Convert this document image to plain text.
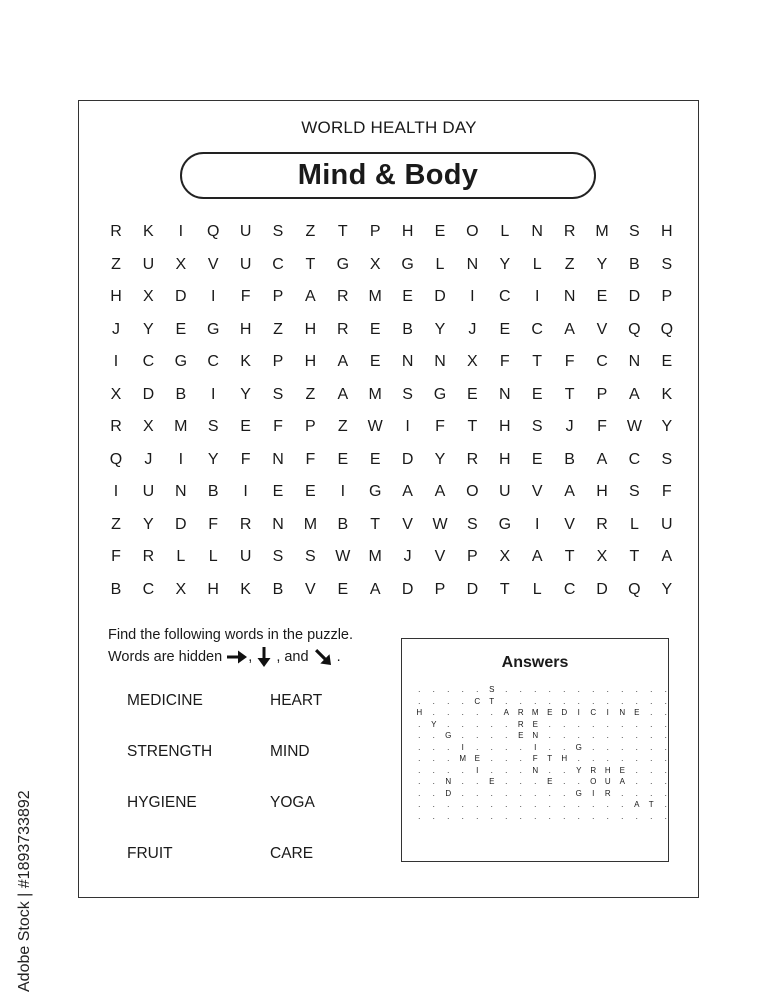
WORLD HEALTH DAY
Mind & Body
R	K	I	Q	U	S	Z	T	P	H	E	O	L	N	R	M	S	H
Z	U	X	V	U	C	T	G	X	G	L	N	Y	L	Z	Y	B	S
H	X	D	I	F	P	A	R	M	E	D	I	C	I	N	E	D	P
J	Y	E	G	H	Z	H	R	E	B	Y	J	E	C	A	V	Q	Q
I	C	G	C	K	P	H	A	E	N	N	X	F	T	F	C	N	E
X	D	B	I	Y	S	Z	A	M	S	G	E	N	E	T	P	A	K
R	X	M	S	E	F	P	Z	W	I	F	T	H	S	J	F	W	Y
Q	J	I	Y	F	N	F	E	E	D	Y	R	H	E	B	A	C	S
I	U	N	B	I	E	E	I	G	A	A	O	U	V	A	H	S	F
Z	Y	D	F	R	N	M	B	T	V	W	S	G	I	V	R	L	U
F	R	L	L	U	S	S	W	M	J	V	P	X	A	T	X	T	A
B	C	X	H	K	B	V	E	A	D	P	D	T	L	C	D	Q	Y
Find the following words in the puzzle.
Words are hidden , , and .
MEDICINE
STRENGTH
HYGIENE
FRUIT
HEART
MIND
YOGA
CARE
Answers
.	.	.	.	.	S	.	.	.	.	.	.	.	.	.	.	.	.
.	.	.	.	C	T	.	.	.	.	.	.	.	.	.	.	.	.
H	.	.	.	.	.	A	R	M	E	D	I	C	I	N	E	.	.
.	Y	.	.	.	.	.	R	E	.	.	.	.	.	.	.	.	.
.	.	G	.	.	.	.	E	N	.	.	.	.	.	.	.	.	.
.	.	.	I	.	.	.	.	I	.	.	G	.	.	.	.	.	.
.	.	.	M	E	.	.	.	F	T	H	.	.	.	.	.	.	.
.	.	.	.	I	.	.	.	N	.	.	Y	R	H	E	.	.	.
.	.	N	.	.	E	.	.	.	E	.	.	O	U	A	.	.	.
.	.	D	.	.	.	.	.	.	.	.	G	I	R	.	.	.	.
.	.	.	.	.	.	.	.	.	.	.	.	.	.	.	A	T	.
.	.	.	.	.	.	.	.	.	.	.	.	.	.	.	.	.	.
Adobe Stock | #1893733892
